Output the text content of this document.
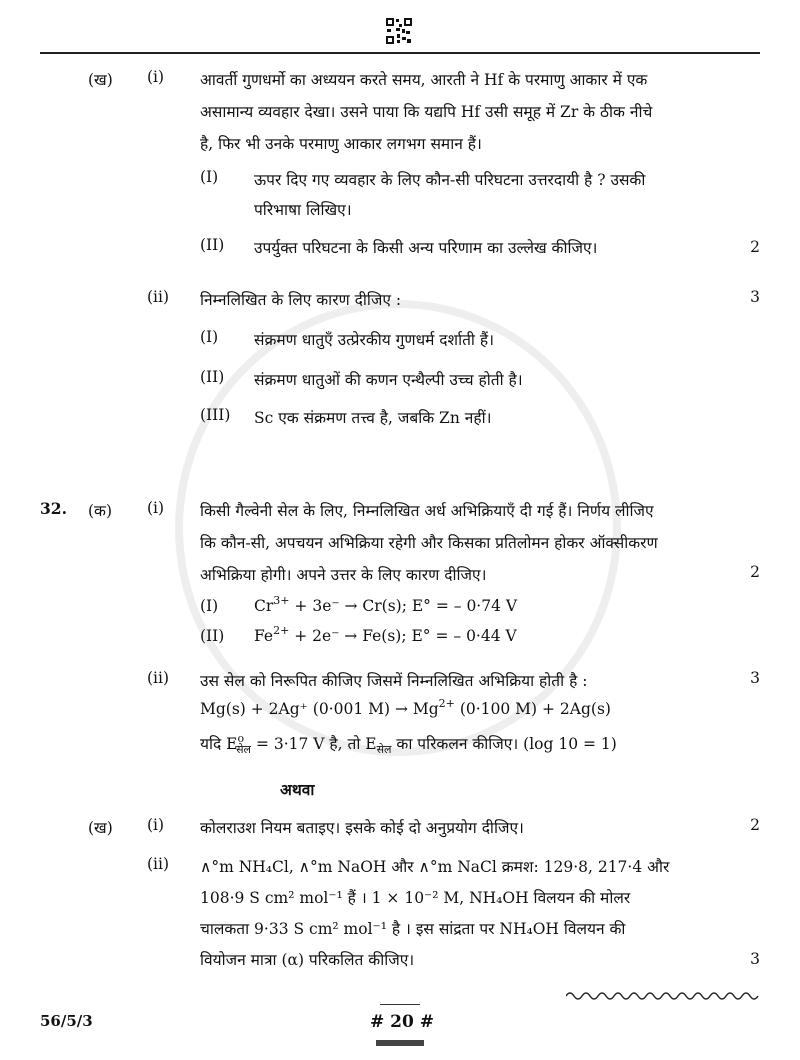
(ख) (i) आवर्ती गुणधर्मो का अध्ययन करते समय, आरती ने Hf के परमाणु आकार में एक
असामान्य व्यवहार देखा। उसने पाया कि यद्यपि Hf उसी समूह में Zr के ठीक नीचे
है, फिर भी उनके परमाणु आकार लगभग समान हैं।
(I) ऊपर दिए गए व्यवहार के लिए कौन-सी परिघटना उत्तरदायी है ? उसकी
परिभाषा लिखिए।
(II) उपर्युक्त परिघटना के किसी अन्य परिणाम का उल्लेख कीजिए।	2
(ii) निम्नलिखित के लिए कारण दीजिए :	3
(I) संक्रमण धातुएँ उत्प्रेरकीय गुणधर्म दर्शाती हैं।
(II) संक्रमण धातुओं की कणन एन्थैल्पी उच्च होती है।
(III) Sc एक संक्रमण तत्त्व है, जबकि Zn नहीं।
32. (क) (i) किसी गैल्वेनी सेल के लिए, निम्नलिखित अर्ध अभिक्रियाएँ दी गई हैं। निर्णय लीजिए
कि कौन-सी, अपचयन अभिक्रिया रहेगी और किसका प्रतिलोमन होकर ऑक्सीकरण
अभिक्रिया होगी। अपने उत्तर के लिए कारण दीजिए।	2
(I) $Cr^{3+} + 3e^- \to Cr(s)$; E° = – 0·74 V
(II) $Fe^{2+} + 2e^- \to Fe(s)$; E° = – 0·44 V
(ii) उस सेल को निरूपित कीजिए जिसमें निम्नलिखित अभिक्रिया होती है :	3
Mg(s) + 2Ag⁺ (0·001 $M) \to Mg^{2+}$ (0·100 M) + 2Ag(s)
यदि $E^o_{सेल} = 3\cdot 17$ V है, तो $E_{सेल}$ का परिकलन कीजिए। (log 10 = 1)
अथवा
(ख) (i) कोलराउश नियम बताइए। इसके कोई दो अनुप्रयोग दीजिए।	2
(ii) ∧°m NH₄Cl, ∧°m NaOH और ∧°m NaCl क्रमश: 129·8, 217·4 और
108·9 S cm² mol⁻¹ हैं । 1 × 10⁻² M, NH₄OH विलयन की मोलर
चालकता 9·33 S cm² mol⁻¹ है । इस सांद्रता पर NH₄OH विलयन की
वियोजन मात्रा (α) परिकलित कीजिए।	3
56/5/3	# 20 #
